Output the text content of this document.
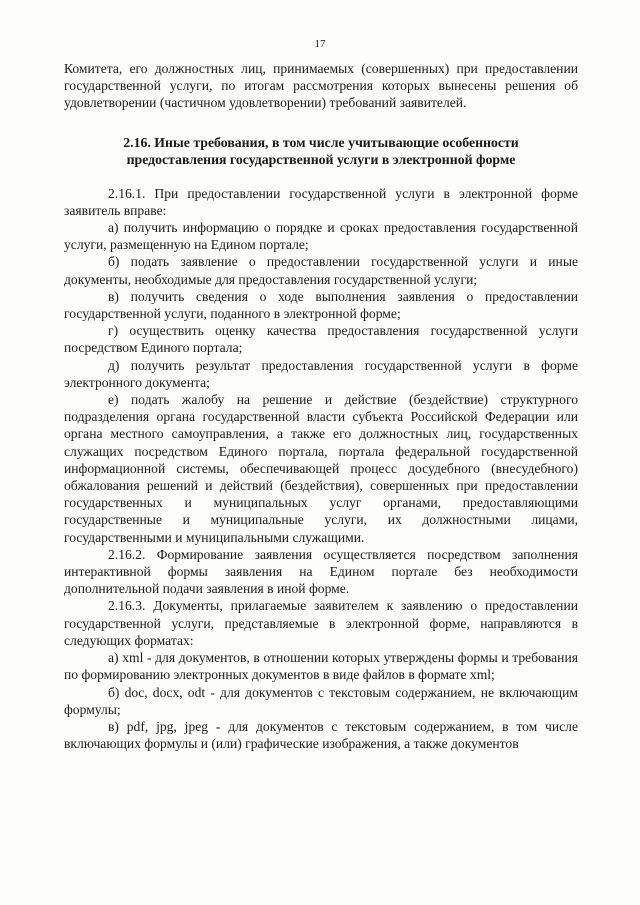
17

Комитета, его должностных лиц, принимаемых (совершенных) при предоставлении государственной услуги, по итогам рассмотрения которых вынесены решения об удовлетворении (частичном удовлетворении) требований заявителей.

2.16. Иные требования, в том числе учитывающие особенности предоставления государственной услуги в электронной форме

2.16.1. При предоставлении государственной услуги в электронной форме заявитель вправе:

а) получить информацию о порядке и сроках предоставления государственной услуги, размещенную на Едином портале;

б) подать заявление о предоставлении государственной услуги и иные документы, необходимые для предоставления государственной услуги;

в) получить сведения о ходе выполнения заявления о предоставлении государственной услуги, поданного в электронной форме;

г) осуществить оценку качества предоставления государственной услуги посредством Единого портала;

д) получить результат предоставления государственной услуги в форме электронного документа;

е) подать жалобу на решение и действие (бездействие) структурного подразделения органа государственной власти субъекта Российской Федерации или органа местного самоуправления, а также его должностных лиц, государственных служащих посредством Единого портала, портала федеральной государственной информационной системы, обеспечивающей процесс досудебного (внесудебного) обжалования решений и действий (бездействия), совершенных при предоставлении государственных и муниципальных услуг органами, предоставляющими государственные и муниципальные услуги, их должностными лицами, государственными и муниципальными служащими.

2.16.2. Формирование заявления осуществляется посредством заполнения интерактивной формы заявления на Едином портале без необходимости дополнительной подачи заявления в иной форме.

2.16.3. Документы, прилагаемые заявителем к заявлению о предоставлении государственной услуги, представляемые в электронной форме, направляются в следующих форматах:

а) xml - для документов, в отношении которых утверждены формы и требования по формированию электронных документов в виде файлов в формате xml;

б) doc, docx, odt - для документов с текстовым содержанием, не включающим формулы;

в) pdf, jpg, jpeg - для документов с текстовым содержанием, в том числе включающих формулы и (или) графические изображения, а также документов
